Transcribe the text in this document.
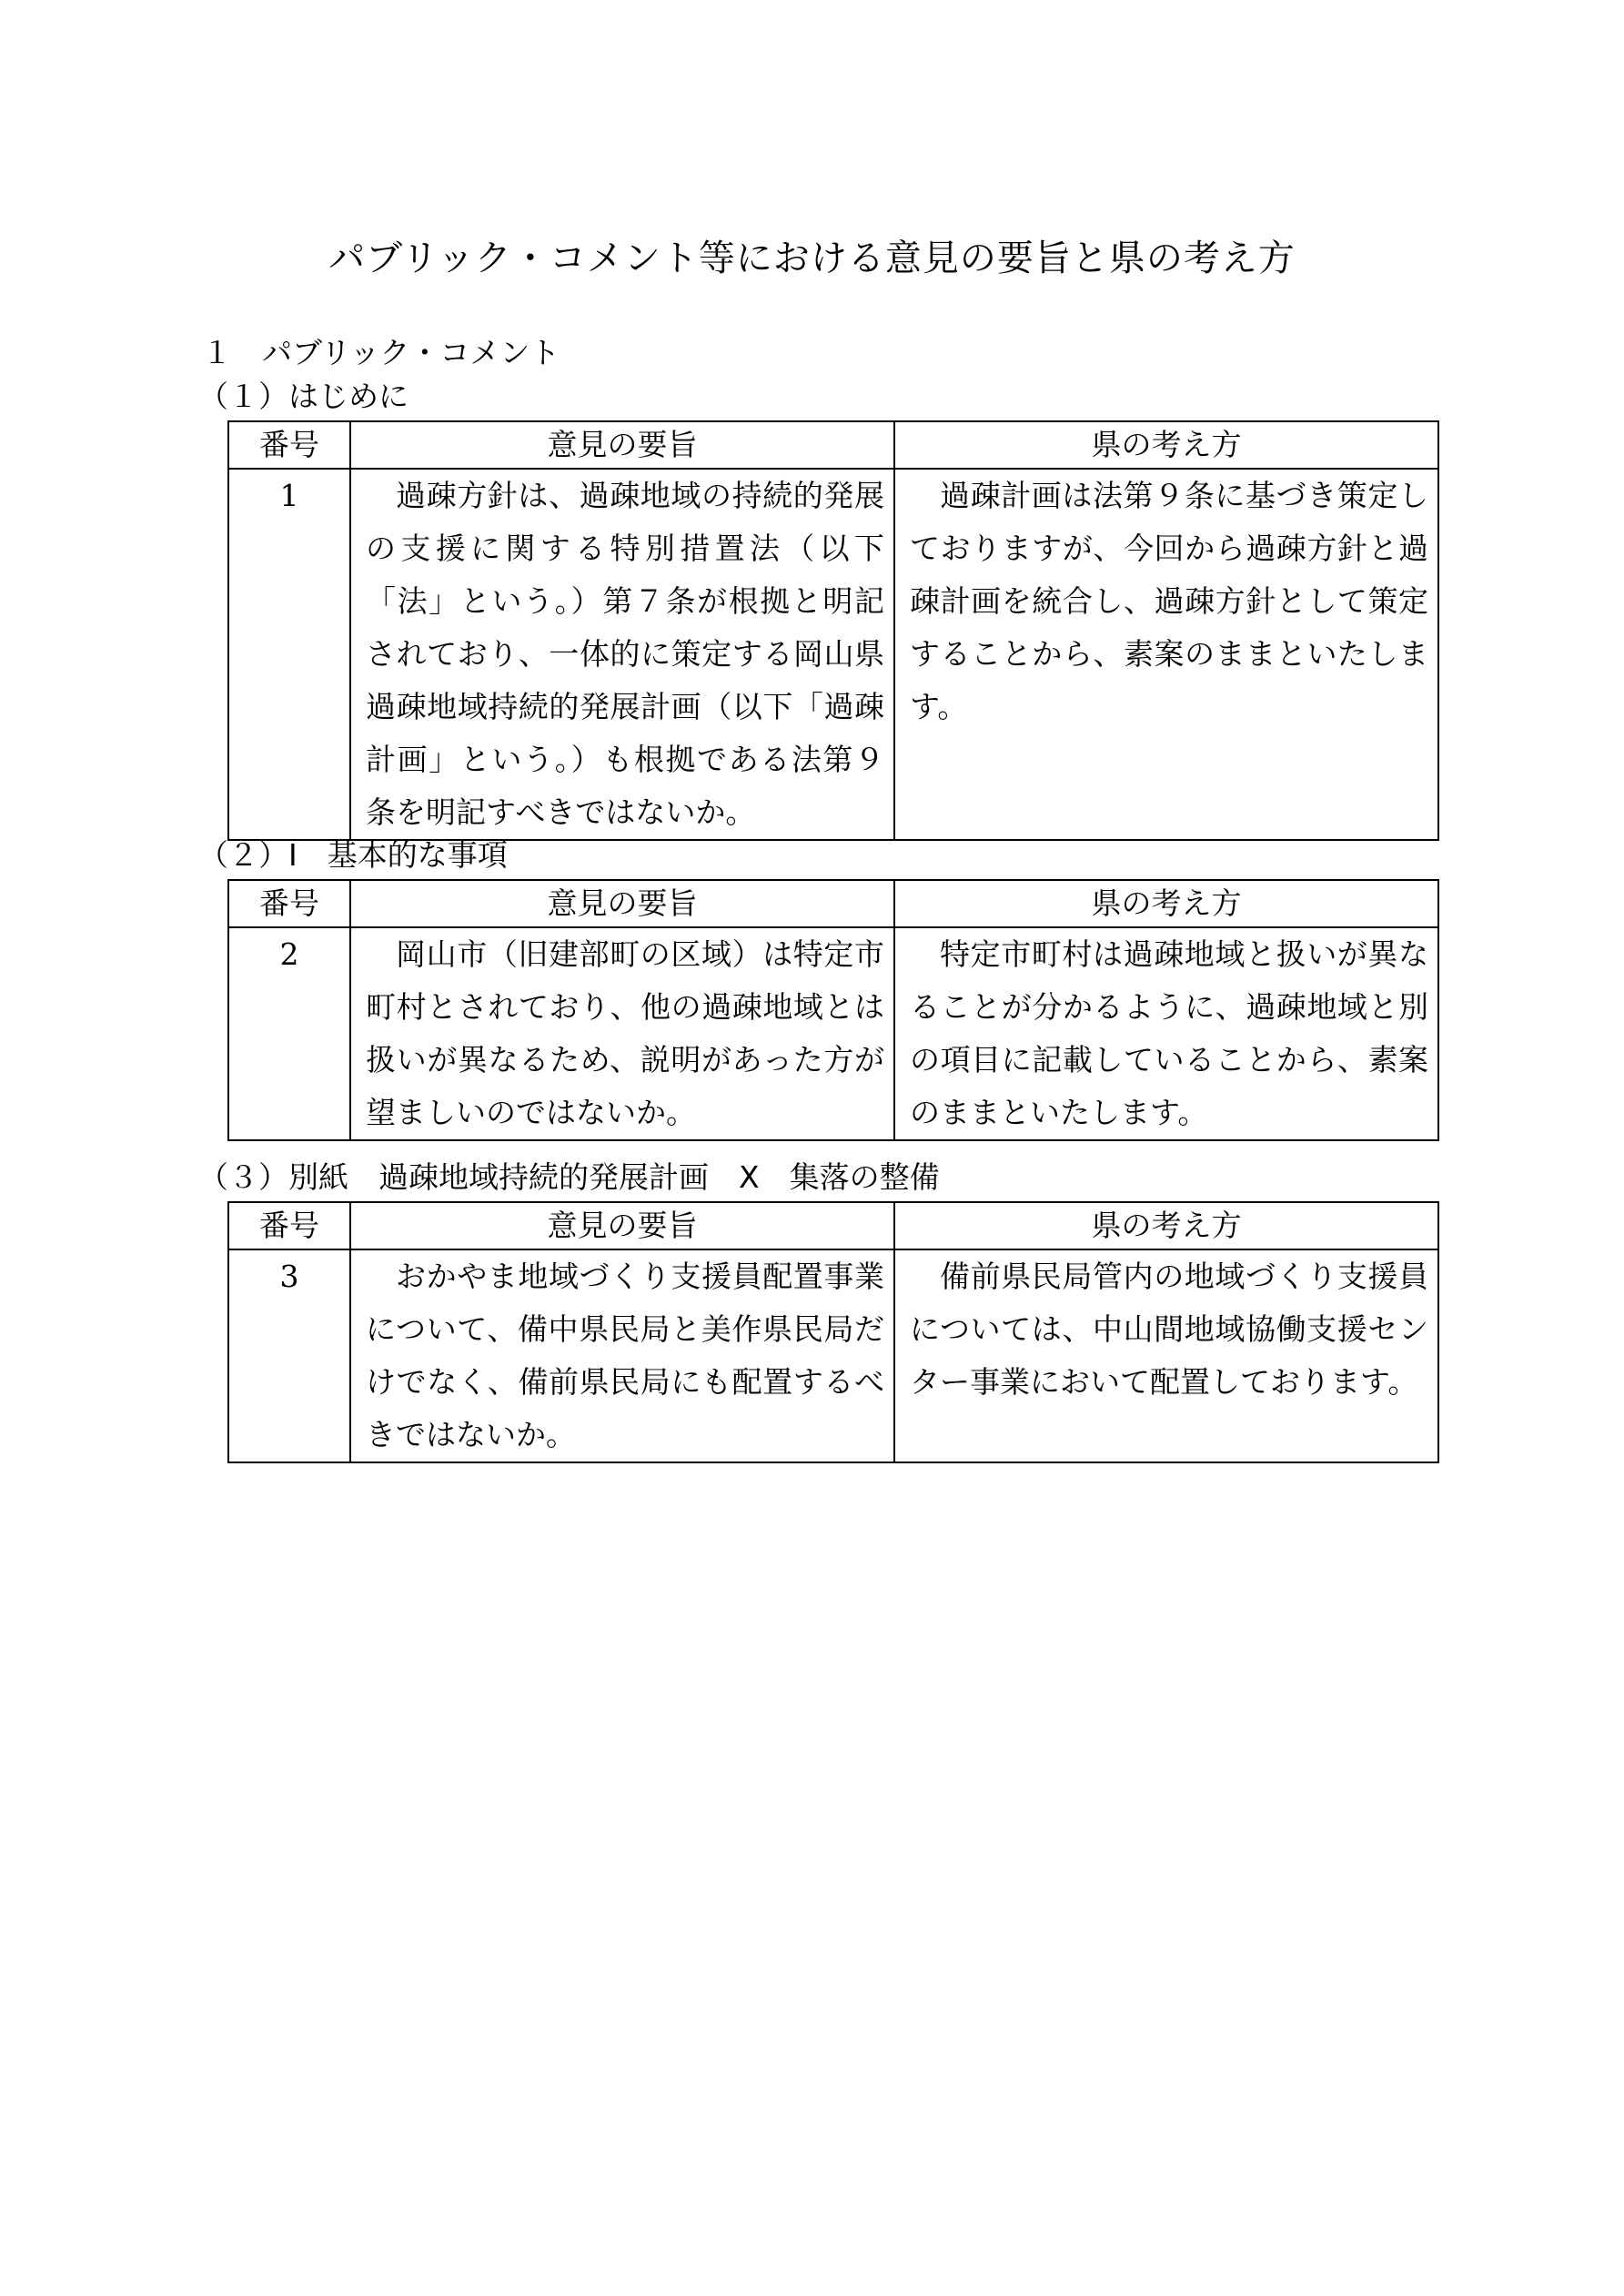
パブリック・コメント等における意見の要旨と県の考え方
１　パブリック・コメント
（１）はじめに
番号	意見の要旨	県の考え方
1	過疎方針は、過疎地域の持続的発展の支援に関する特別措置法（以下「法」という。）第７条が根拠と明記されており、一体的に策定する岡山県過疎地域持続的発展計画（以下「過疎計画」という。）も根拠である法第９条を明記すべきではないか。	過疎計画は法第９条に基づき策定しておりますが、今回から過疎方針と過疎計画を統合し、過疎方針として策定することから、素案のままといたします。
（２）Ⅰ　基本的な事項
番号	意見の要旨	県の考え方
2	岡山市（旧建部町の区域）は特定市町村とされており、他の過疎地域とは扱いが異なるため、説明があった方が望ましいのではないか。	特定市町村は過疎地域と扱いが異なることが分かるように、過疎地域と別の項目に記載していることから、素案のままといたします。
（３）別紙　過疎地域持続的発展計画　Ⅹ　集落の整備
番号	意見の要旨	県の考え方
3	おかやま地域づくり支援員配置事業について、備中県民局と美作県民局だけでなく、備前県民局にも配置するべきではないか。	備前県民局管内の地域づくり支援員については、中山間地域協働支援センター事業において配置しております。
